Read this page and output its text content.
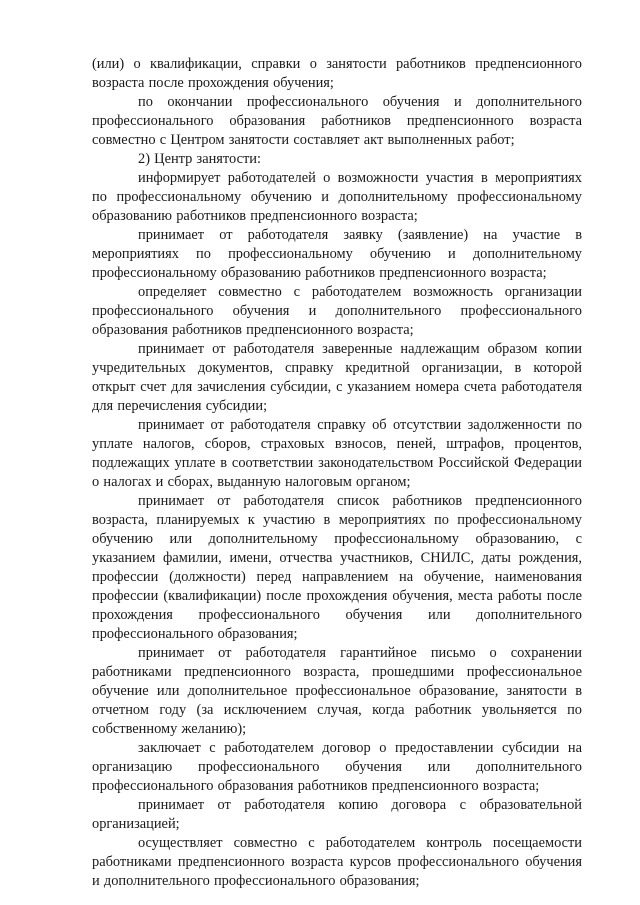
(или) о квалификации, справки о занятости работников предпенсионного возраста после прохождения обучения;

по окончании профессионального обучения и дополнительного профессионального образования работников предпенсионного возраста совместно с Центром занятости составляет акт выполненных работ;

2) Центр занятости:

информирует работодателей о возможности участия в мероприятиях по профессиональному обучению и дополнительному профессиональному образованию работников предпенсионного возраста;

принимает от работодателя заявку (заявление) на участие в мероприятиях по профессиональному обучению и дополнительному профессиональному образованию работников предпенсионного возраста;

определяет совместно с работодателем возможность организации профессионального обучения и дополнительного профессионального образования работников предпенсионного возраста;

принимает от работодателя заверенные надлежащим образом копии учредительных документов, справку кредитной организации, в которой открыт счет для зачисления субсидии, с указанием номера счета работодателя для перечисления субсидии;

принимает от работодателя справку об отсутствии задолженности по уплате налогов, сборов, страховых взносов, пеней, штрафов, процентов, подлежащих уплате в соответствии законодательством Российской Федерации о налогах и сборах, выданную налоговым органом;

принимает от работодателя список работников предпенсионного возраста, планируемых к участию в мероприятиях по профессиональному обучению или дополнительному профессиональному образованию, с указанием фамилии, имени, отчества участников, СНИЛС, даты рождения, профессии (должности) перед направлением на обучение, наименования профессии (квалификации) после прохождения обучения, места работы после прохождения профессионального обучения или дополнительного профессионального образования;

принимает от работодателя гарантийное письмо о сохранении работниками предпенсионного возраста, прошедшими профессиональное обучение или дополнительное профессиональное образование, занятости в отчетном году (за исключением случая, когда работник увольняется по собственному желанию);

заключает с работодателем договор о предоставлении субсидии на организацию профессионального обучения или дополнительного профессионального образования работников предпенсионного возраста;

принимает от работодателя копию договора с образовательной организацией;

осуществляет совместно с работодателем контроль посещаемости работниками предпенсионного возраста курсов профессионального обучения и дополнительного профессионального образования;
